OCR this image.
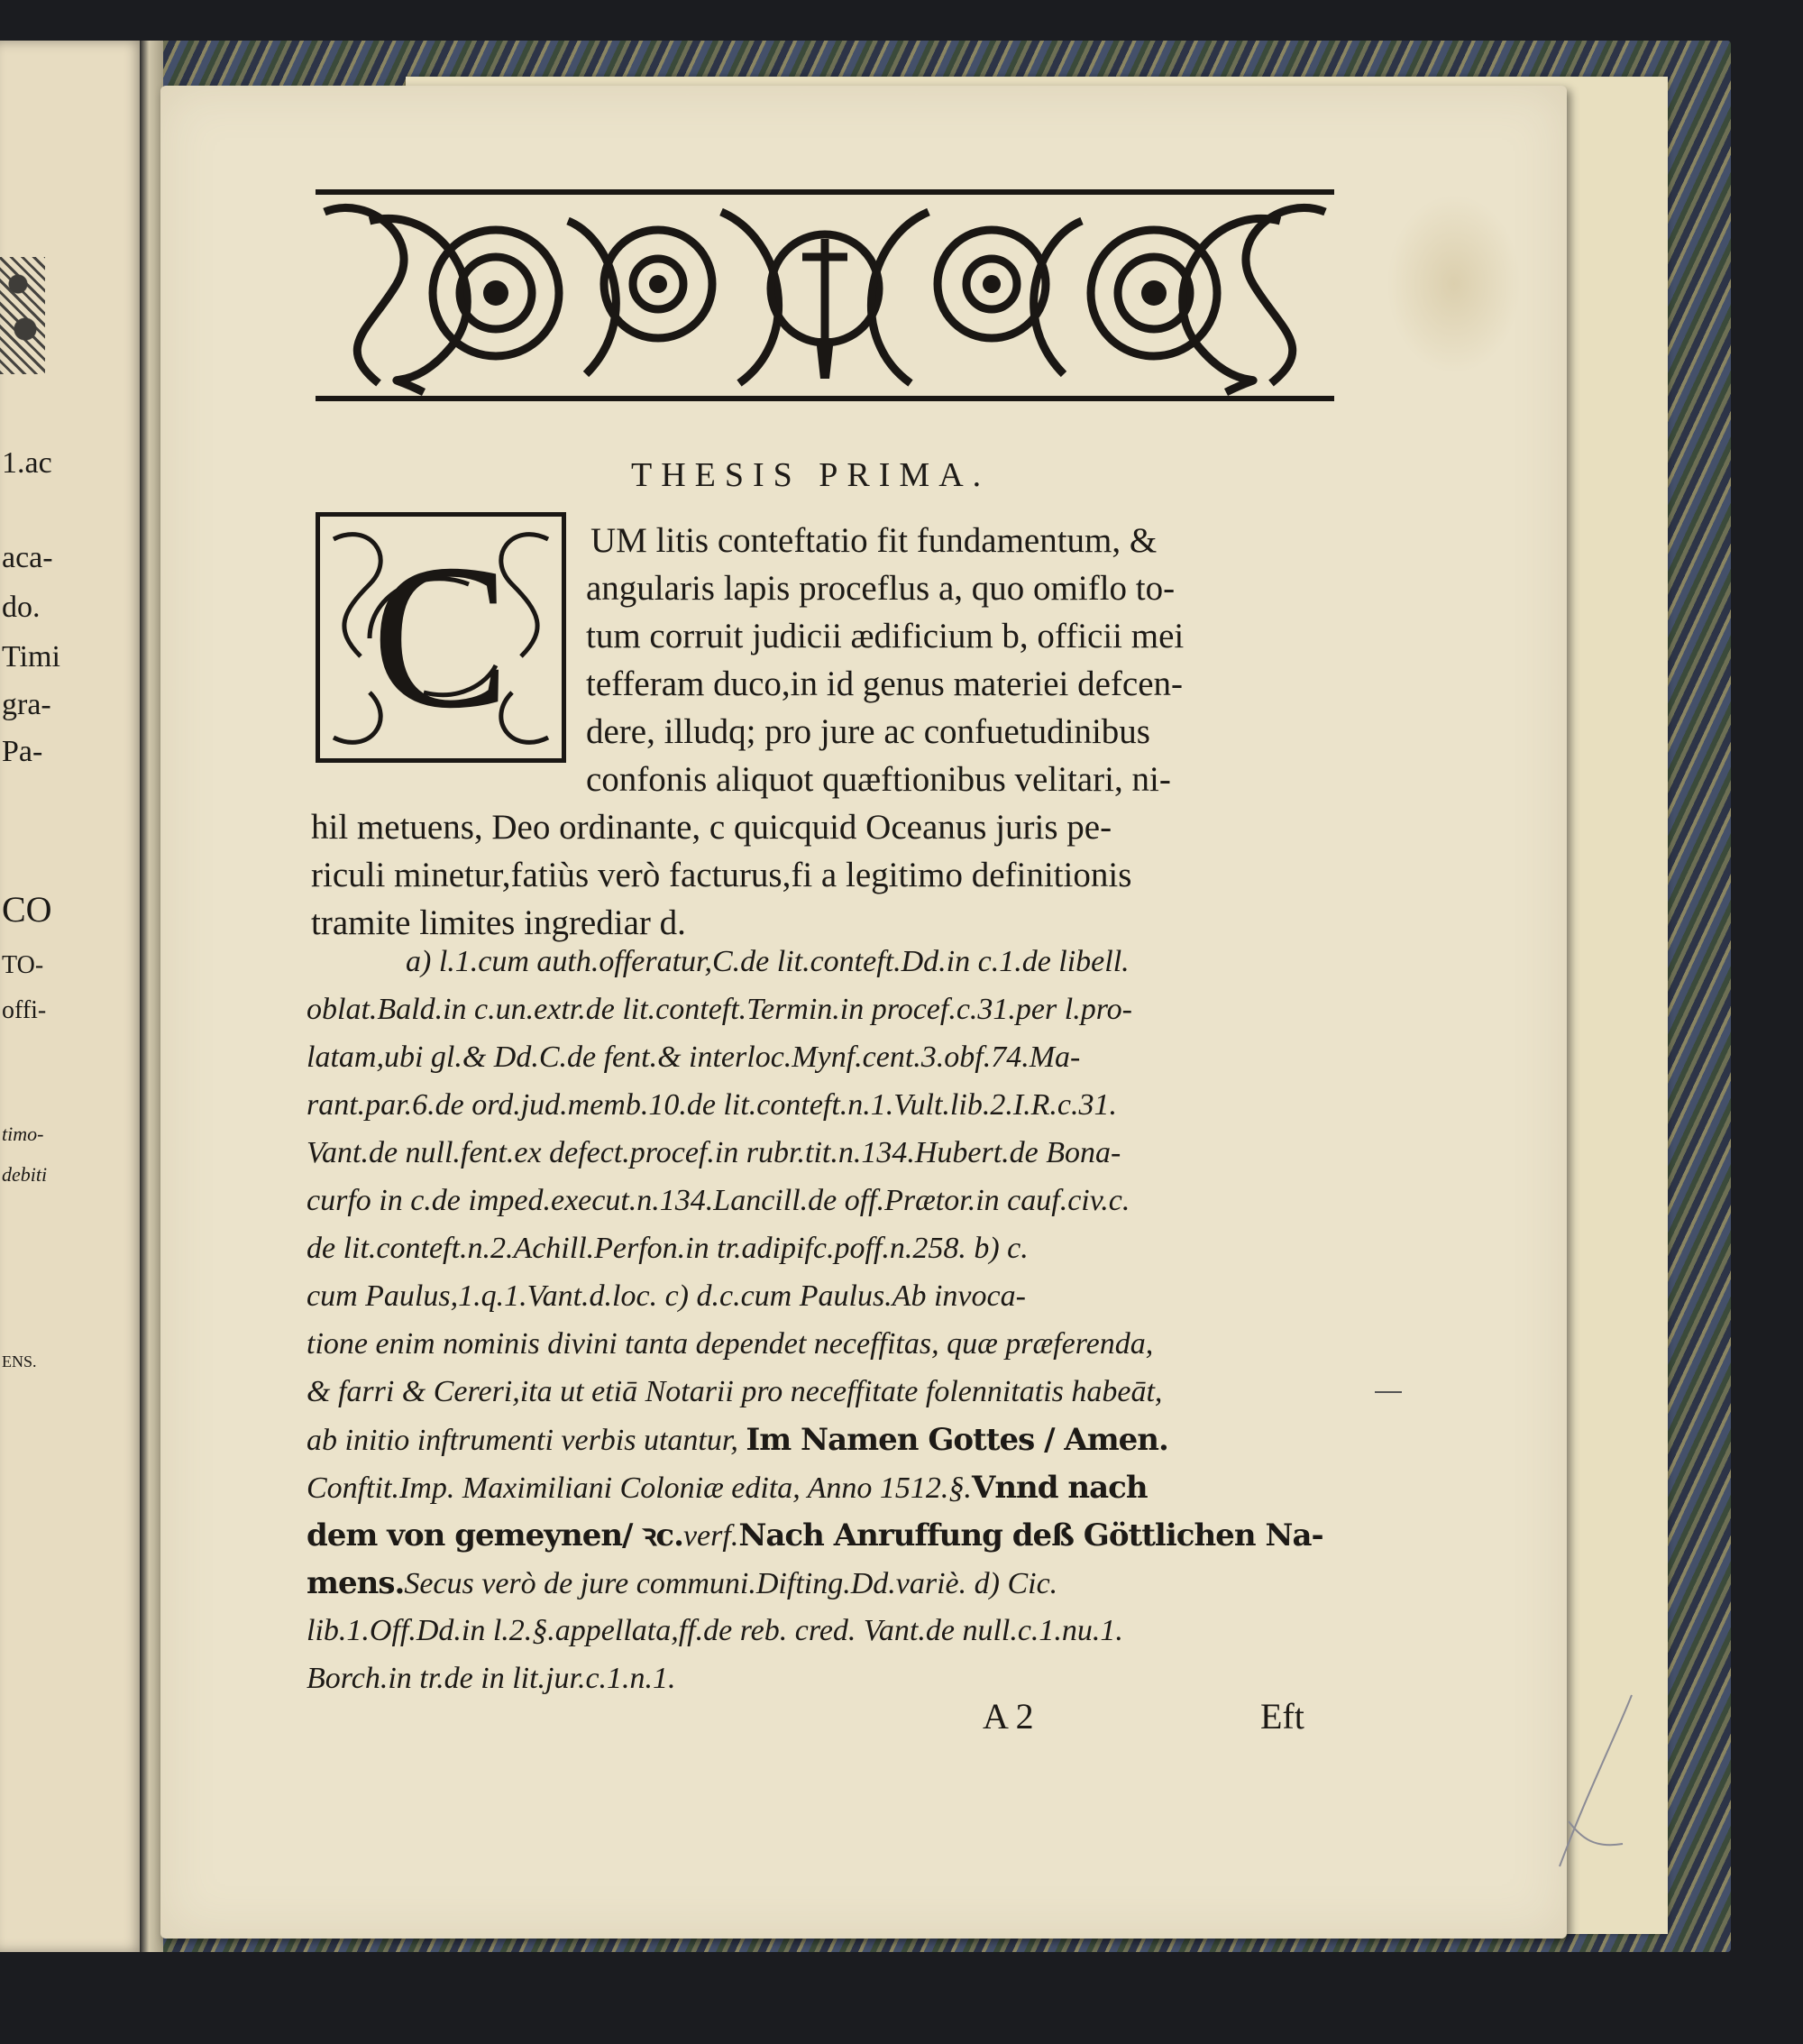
1.ac
aca-
do.
Timi
gra-
Pa-
CO
TO-
offi-
timo-
debiti
ENS.
THESIS PRIMA.
C UM litis conteftatio fit fundamentum, &
angularis lapis proceflus a, quo omiflo to-
tum corruit judicii ædificium b, officii mei
tefferam duco,in id genus materiei defcen-
dere, illudq; pro jure ac confuetudinibus
confonis aliquot quæftionibus velitari, ni-
hil metuens, Deo ordinante, c quicquid Oceanus juris pe-
riculi minetur,fatiùs verò facturus,fi a legitimo definitionis
tramite limites ingrediar d.
a) l.1.cum auth.offeratur,C.de lit.conteft.Dd.in c.1.de libell.
oblat.Bald.in c.un.extr.de lit.conteft.Termin.in procef.c.31.per l.pro-
latam,ubi gl.& Dd.C.de fent.& interloc.Mynf.cent.3.obf.74.Ma-
rant.par.6.de ord.jud.memb.10.de lit.conteft.n.1.Vult.lib.2.I.R.c.31.
Vant.de null.fent.ex defect.procef.in rubr.tit.n.134.Hubert.de Bona-
curfo in c.de imped.execut.n.134.Lancill.de off.Prætor.in cauf.civ.c.
de lit.conteft.n.2.Achill.Perfon.in tr.adipifc.poff.n.258. b) c.
cum Paulus,1.q.1.Vant.d.loc. c) d.c.cum Paulus.Ab invoca-
tione enim nominis divini tanta dependet neceffitas, quæ præferenda,
& farri & Cereri,ita ut etiā Notarii pro neceffitate folennitatis habeāt,
ab initio inftrumenti verbis utantur, Im Namen Gottes / Amen.
Conftit.Imp. Maximiliani Coloniæ edita, Anno 1512.§.Vnnd nach
dem von gemeynen/ ꝛc.verf.Nach Anruffung deß Göttlichen Na-
mens.Secus verò de jure communi.Difting.Dd.variè. d) Cic.
lib.1.Off.Dd.in l.2.§.appellata,ff.de reb. cred. Vant.de null.c.1.nu.1.
Borch.in tr.de in lit.jur.c.1.n.1.
A 2	Eft
